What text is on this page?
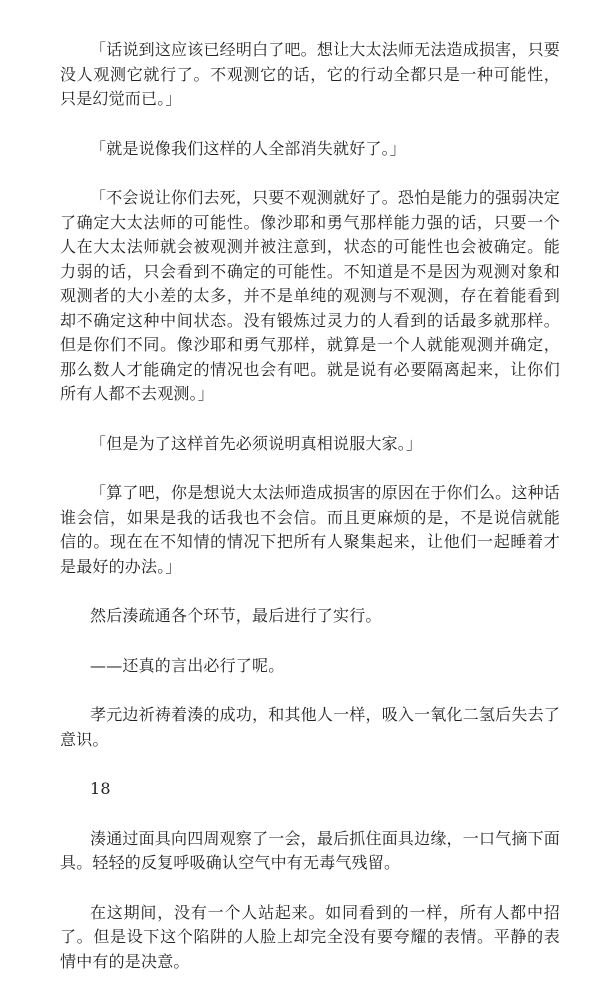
「话说到这应该已经明白了吧。想让大太法师无法造成损害，只要没人观测它就行了。不观测它的话，它的行动全都只是一种可能性，只是幻觉而已。」

「就是说像我们这样的人全部消失就好了。」

「不会说让你们去死，只要不观测就好了。恐怕是能力的强弱决定了确定大太法师的可能性。像沙耶和勇气那样能力强的话，只要一个人在大太法师就会被观测并被注意到，状态的可能性也会被确定。能力弱的话，只会看到不确定的可能性。不知道是不是因为观测对象和观测者的大小差的太多，并不是单纯的观测与不观测，存在着能看到却不确定这种中间状态。没有锻炼过灵力的人看到的话最多就那样。但是你们不同。像沙耶和勇气那样，就算是一个人就能观测并确定，那么数人才能确定的情况也会有吧。就是说有必要隔离起来，让你们所有人都不去观测。」

「但是为了这样首先必须说明真相说服大家。」

「算了吧，你是想说大太法师造成损害的原因在于你们么。这种话谁会信，如果是我的话我也不会信。而且更麻烦的是，不是说信就能信的。现在在不知情的情况下把所有人聚集起来，让他们一起睡着才是最好的办法。」

然后湊疏通各个环节，最后进行了实行。

——还真的言出必行了呢。

孝元边祈祷着湊的成功，和其他人一样，吸入一氧化二氢后失去了意识。

18

湊通过面具向四周观察了一会，最后抓住面具边缘，一口气摘下面具。轻轻的反复呼吸确认空气中有无毒气残留。

在这期间，没有一个人站起来。如同看到的一样，所有人都中招了。但是设下这个陷阱的人脸上却完全没有要夸耀的表情。平静的表情中有的是决意。
